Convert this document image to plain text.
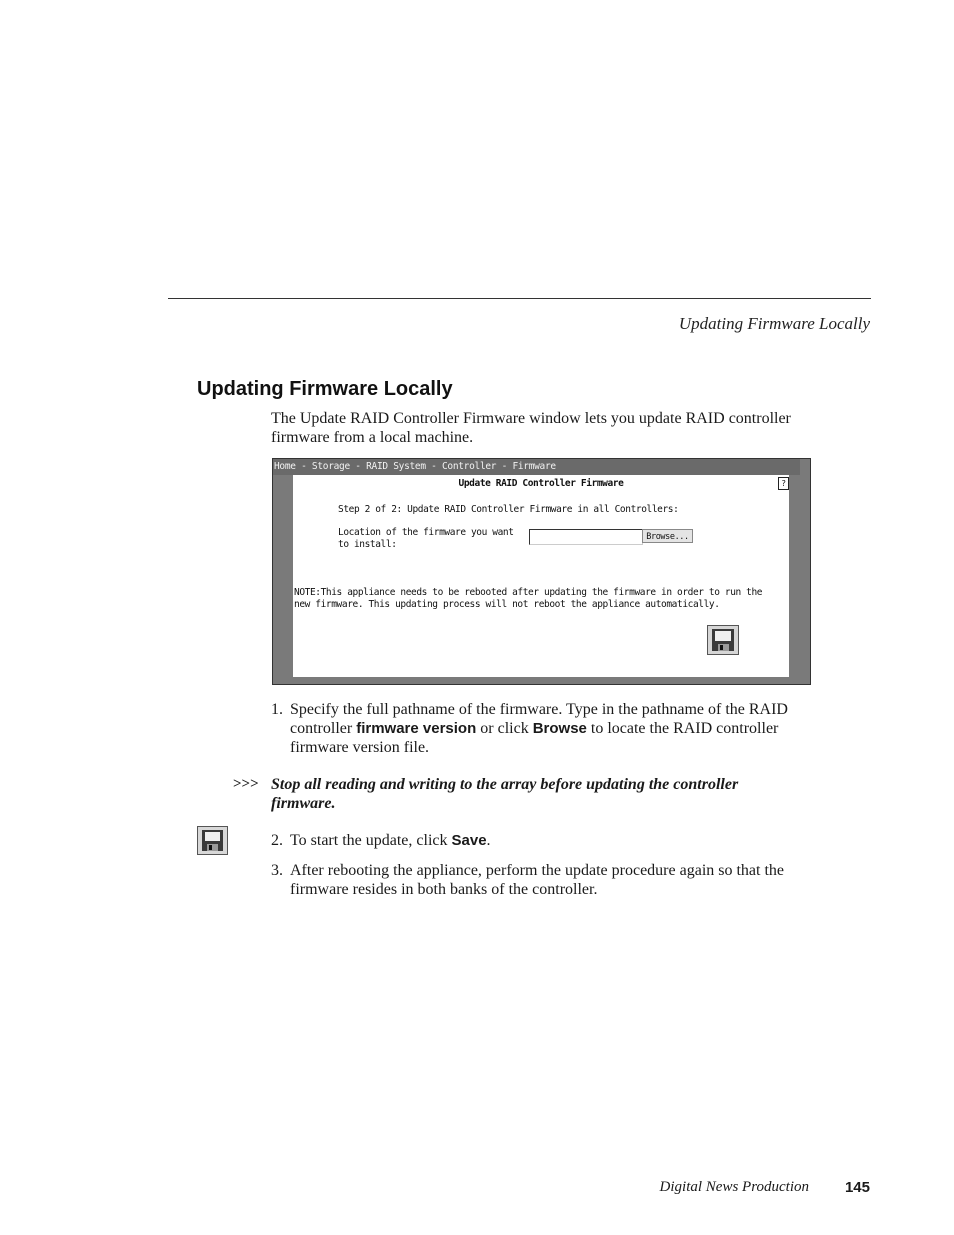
Updating Firmware Locally
Updating Firmware Locally
The Update RAID Controller Firmware window lets you update RAID controller firmware from a local machine.
Home - Storage - RAID System - Controller - Firmware
Update RAID Controller Firmware	?
Step 2 of 2: Update RAID Controller Firmware in all Controllers:
Location of the firmware you want to install:
Browse...
NOTE:This appliance needs to be rebooted after updating the firmware in order to run the new firmware. This updating process will not reboot the appliance automatically.
1. Specify the full pathname of the firmware. Type in the pathname of the RAID controller firmware version or click Browse to locate the RAID controller firmware version file.
>>> Stop all reading and writing to the array before updating the controller firmware.
2. To start the update, click Save.
3. After rebooting the appliance, perform the update procedure again so that the firmware resides in both banks of the controller.
Digital News Production 145
